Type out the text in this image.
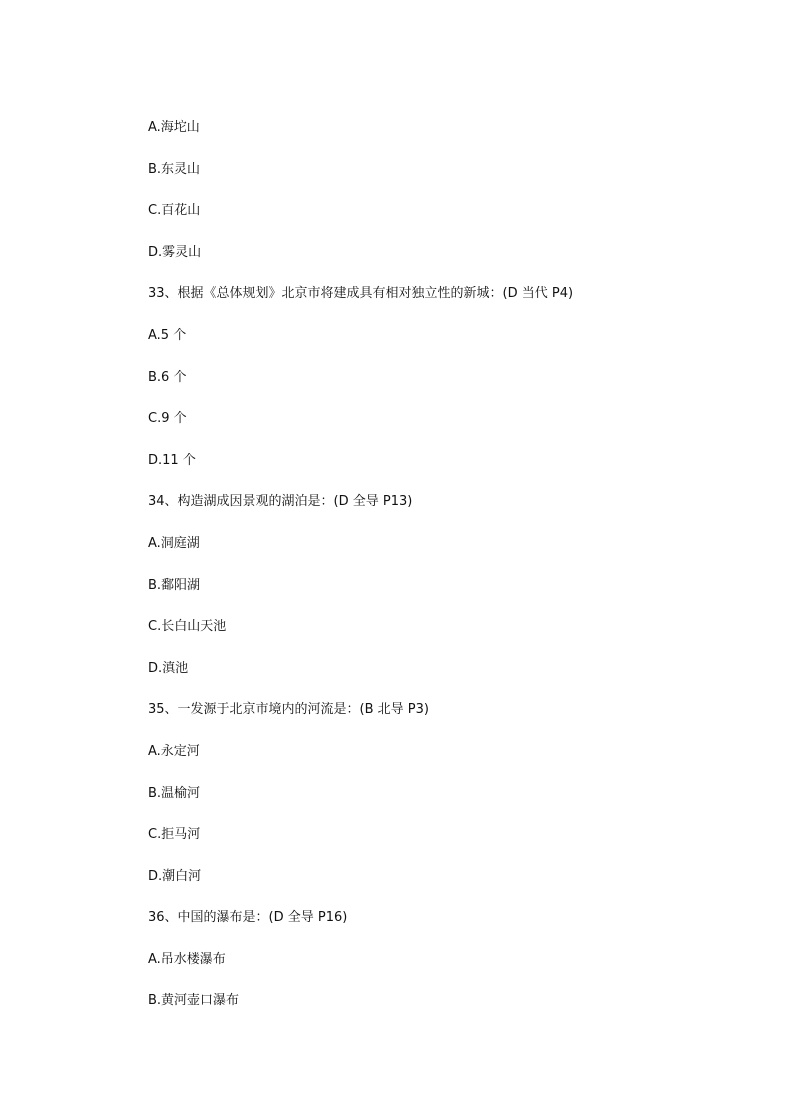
A.海坨山
B.东灵山
C.百花山
D.雾灵山
33、根据《总体规划》北京市将建成具有相对独立性的新城：(D 当代 P4)
A.5 个
B.6 个
C.9 个
D.11 个
34、构造湖成因景观的湖泊是：(D 全导 P13)
A.洞庭湖
B.鄱阳湖
C.长白山天池
D.滇池
35、一发源于北京市境内的河流是：(B 北导 P3)
A.永定河
B.温榆河
C.拒马河
D.潮白河
36、中国的瀑布是：(D 全导 P16)
A.吊水楼瀑布
B.黄河壶口瀑布
